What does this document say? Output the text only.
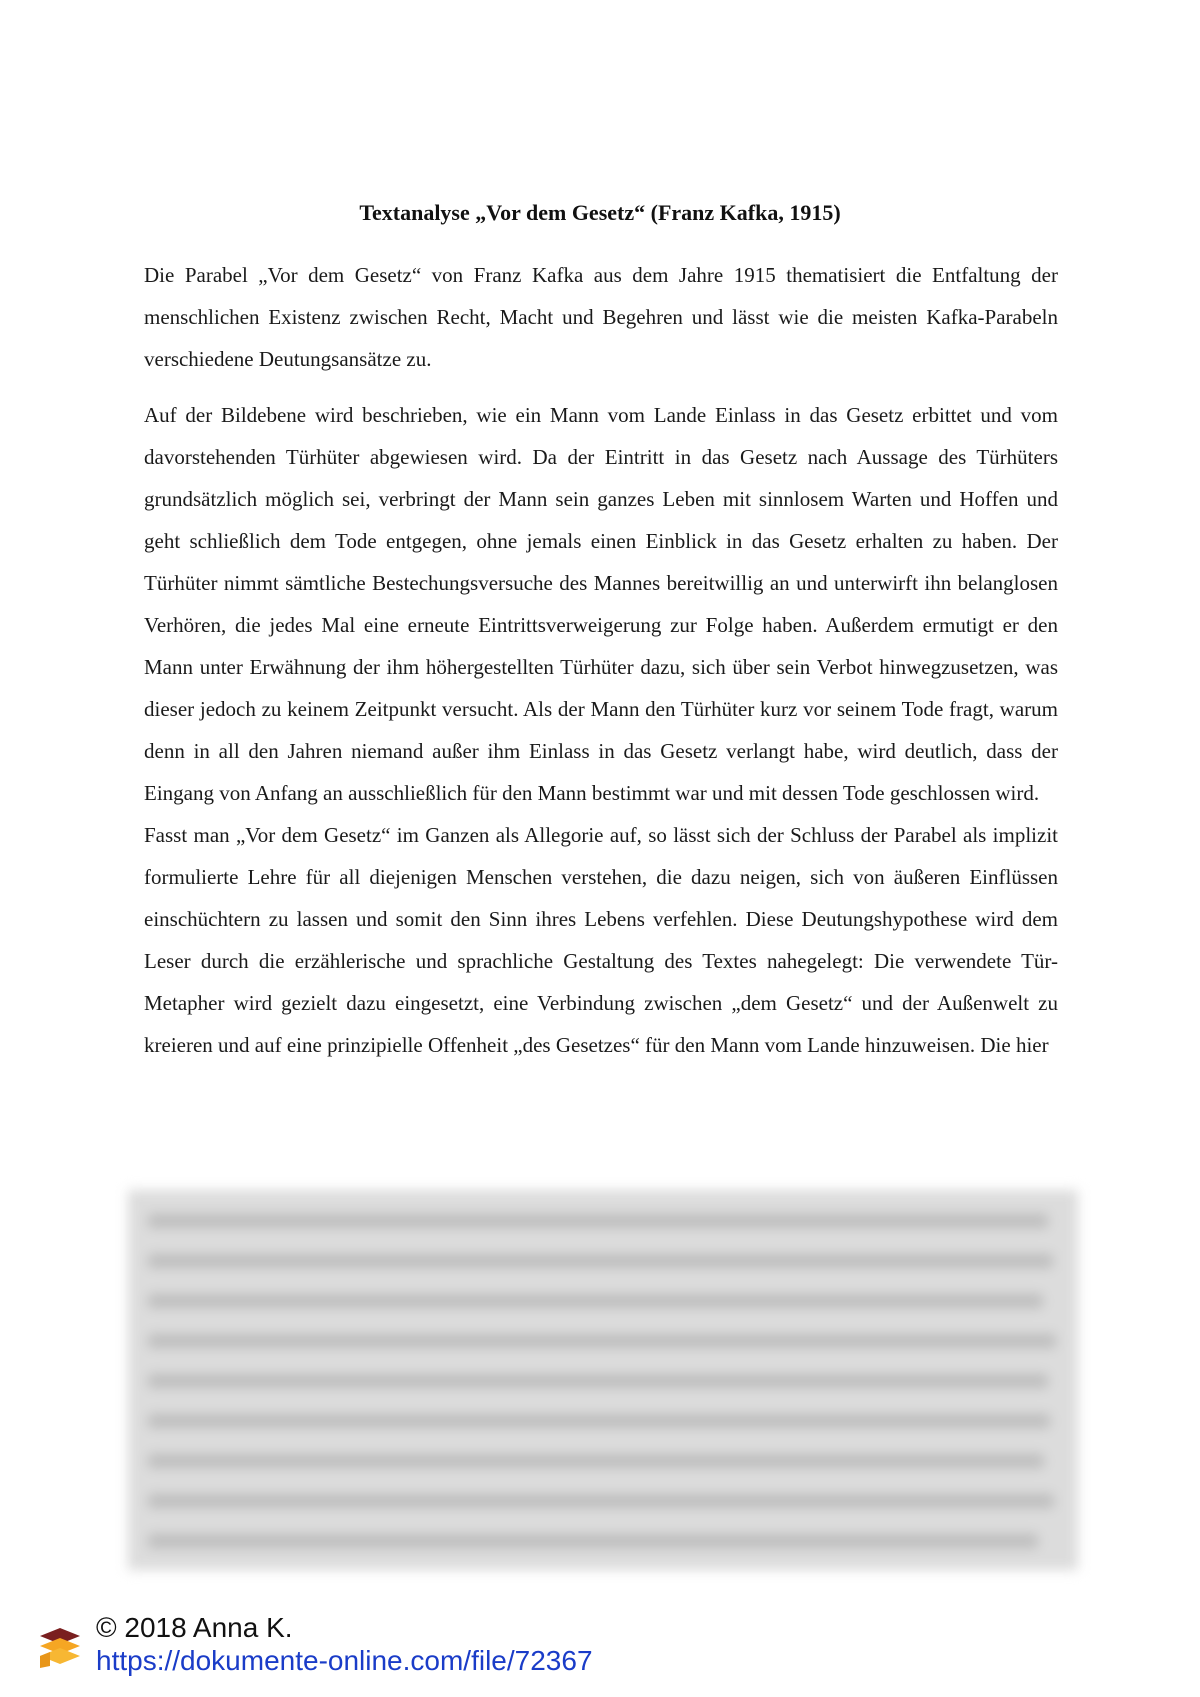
Textanalyse „Vor dem Gesetz“ (Franz Kafka, 1915)

Die Parabel „Vor dem Gesetz“ von Franz Kafka aus dem Jahre 1915 thematisiert die Entfaltung der menschlichen Existenz zwischen Recht, Macht und Begehren und lässt wie die meisten Kafka-Parabeln verschiedene Deutungsansätze zu.

Auf der Bildebene wird beschrieben, wie ein Mann vom Lande Einlass in das Gesetz erbittet und vom davorstehenden Türhüter abgewiesen wird. Da der Eintritt in das Gesetz nach Aussage des Türhüters grundsätzlich möglich sei, verbringt der Mann sein ganzes Leben mit sinnlosem Warten und Hoffen und geht schließlich dem Tode entgegen, ohne jemals einen Einblick in das Gesetz erhalten zu haben. Der Türhüter nimmt sämtliche Bestechungsversuche des Mannes bereitwillig an und unterwirft ihn belanglosen Verhören, die jedes Mal eine erneute Eintrittsverweigerung zur Folge haben. Außerdem ermutigt er den Mann unter Erwähnung der ihm höhergestellten Türhüter dazu, sich über sein Verbot hinwegzusetzen, was dieser jedoch zu keinem Zeitpunkt versucht. Als der Mann den Türhüter kurz vor seinem Tode fragt, warum denn in all den Jahren niemand außer ihm Einlass in das Gesetz verlangt habe, wird deutlich, dass der Eingang von Anfang an ausschließlich für den Mann bestimmt war und mit dessen Tode geschlossen wird.

Fasst man „Vor dem Gesetz“ im Ganzen als Allegorie auf, so lässt sich der Schluss der Parabel als implizit formulierte Lehre für all diejenigen Menschen verstehen, die dazu neigen, sich von äußeren Einflüssen einschüchtern zu lassen und somit den Sinn ihres Lebens verfehlen. Diese Deutungshypothese wird dem Leser durch die erzählerische und sprachliche Gestaltung des Textes nahegelegt: Die verwendete Tür-Metapher wird gezielt dazu eingesetzt, eine Verbindung zwischen „dem Gesetz“ und der Außenwelt zu kreieren und auf eine prinzipielle Offenheit „des Gesetzes“ für den Mann vom Lande hinzuweisen. Die hier

© 2018 Anna K.
https://dokumente-online.com/file/72367
